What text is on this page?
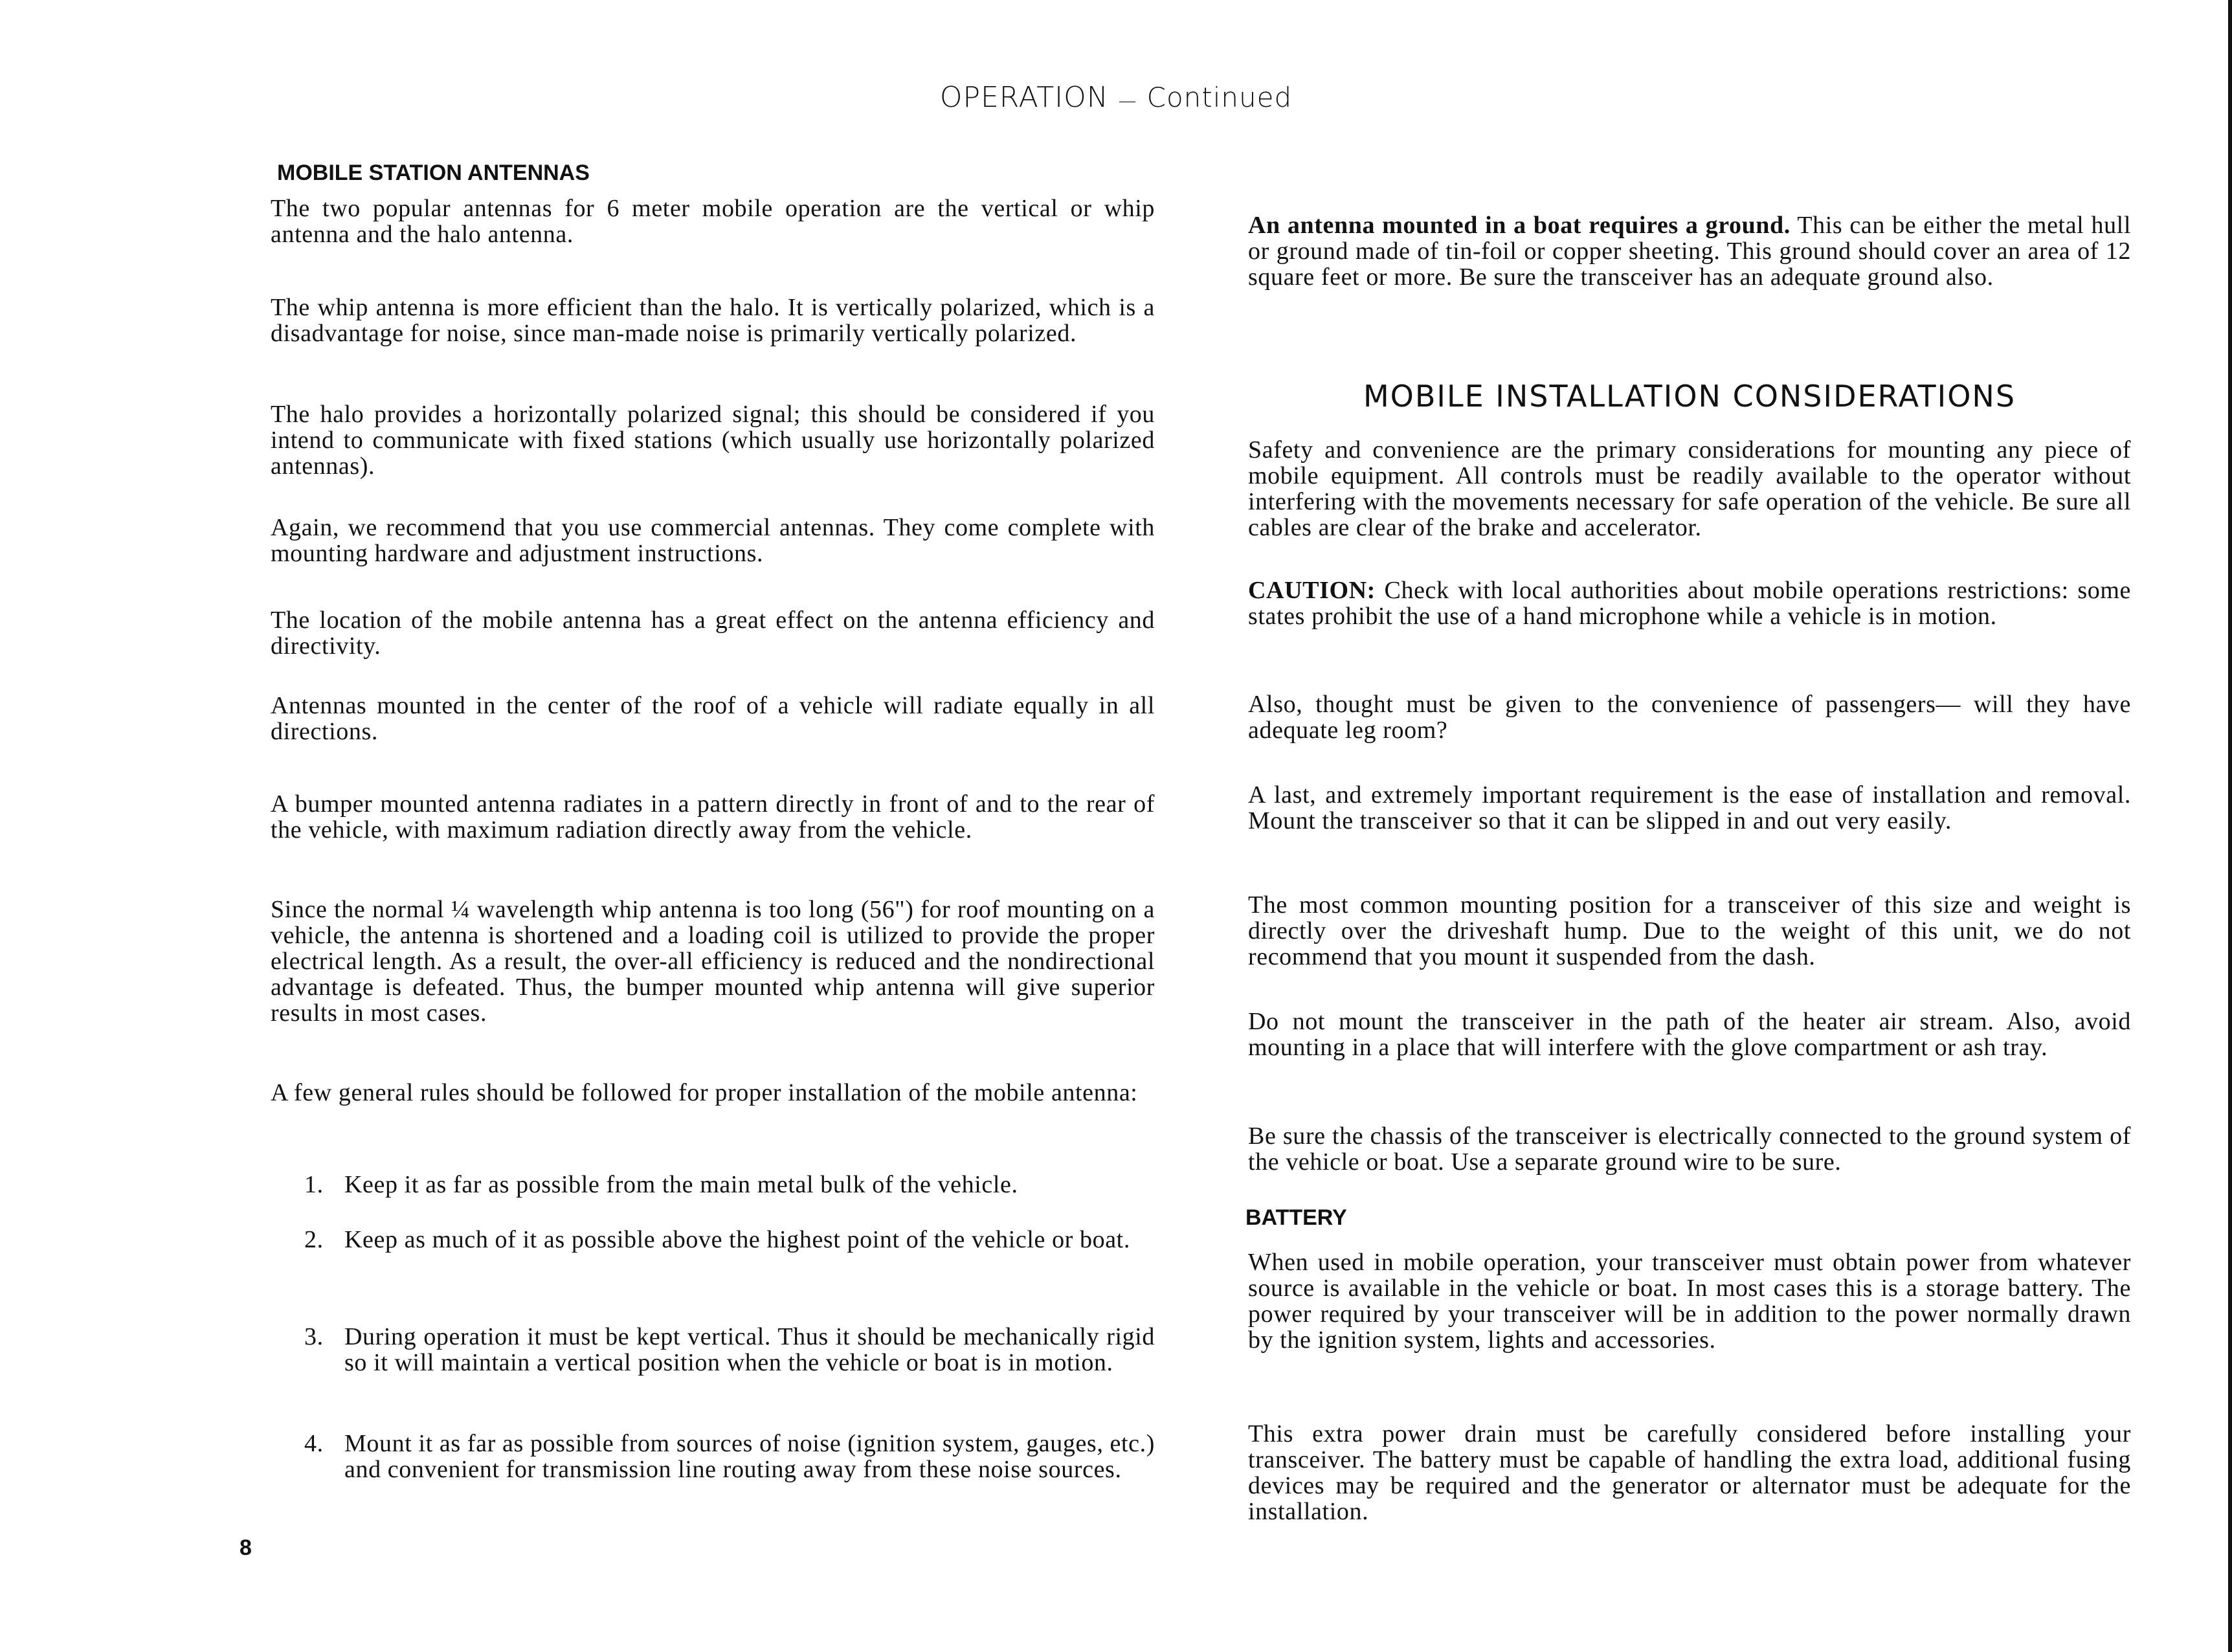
OPERATION — Continued
MOBILE STATION ANTENNAS
The two popular antennas for 6 meter mobile operation are the vertical or whip antenna and the halo antenna.
The whip antenna is more efficient than the halo. It is vertically polarized, which is a disadvantage for noise, since man-made noise is primarily vertically polarized.
The halo provides a horizontally polarized signal; this should be considered if you intend to communicate with fixed stations (which usually use horizontally polarized antennas).
Again, we recommend that you use commercial antennas. They come complete with mounting hardware and adjustment instructions.
The location of the mobile antenna has a great effect on the antenna efficiency and directivity.
Antennas mounted in the center of the roof of a vehicle will radiate equally in all directions.
A bumper mounted antenna radiates in a pattern directly in front of and to the rear of the vehicle, with maximum radiation directly away from the vehicle.
Since the normal ¼ wavelength whip antenna is too long (56") for roof mounting on a vehicle, the antenna is shortened and a loading coil is utilized to provide the proper electrical length. As a result, the over-all efficiency is reduced and the nondirectional advantage is defeated. Thus, the bumper mounted whip antenna will give superior results in most cases.
A few general rules should be followed for proper installation of the mobile antenna:
1. Keep it as far as possible from the main metal bulk of the vehicle.
2. Keep as much of it as possible above the highest point of the vehicle or boat.
3. During operation it must be kept vertical. Thus it should be mechanically rigid so it will maintain a vertical position when the vehicle or boat is in motion.
4. Mount it as far as possible from sources of noise (ignition system, gauges, etc.) and convenient for transmission line routing away from these noise sources.
8
An antenna mounted in a boat requires a ground. This can be either the metal hull or ground made of tin-foil or copper sheeting. This ground should cover an area of 12 square feet or more. Be sure the transceiver has an adequate ground also.
MOBILE INSTALLATION CONSIDERATIONS
Safety and convenience are the primary considerations for mounting any piece of mobile equipment. All controls must be readily available to the operator without interfering with the movements necessary for safe operation of the vehicle. Be sure all cables are clear of the brake and accelerator.
CAUTION: Check with local authorities about mobile operations restrictions: some states prohibit the use of a hand microphone while a vehicle is in motion.
Also, thought must be given to the convenience of passengers— will they have adequate leg room?
A last, and extremely important requirement is the ease of installation and removal. Mount the transceiver so that it can be slipped in and out very easily.
The most common mounting position for a transceiver of this size and weight is directly over the driveshaft hump. Due to the weight of this unit, we do not recommend that you mount it suspended from the dash.
Do not mount the transceiver in the path of the heater air stream. Also, avoid mounting in a place that will interfere with the glove compartment or ash tray.
Be sure the chassis of the transceiver is electrically connected to the ground system of the vehicle or boat. Use a separate ground wire to be sure.
BATTERY
When used in mobile operation, your transceiver must obtain power from whatever source is available in the vehicle or boat. In most cases this is a storage battery. The power required by your transceiver will be in addition to the power normally drawn by the ignition system, lights and accessories.
This extra power drain must be carefully considered before installing your transceiver. The battery must be capable of handling the extra load, additional fusing devices may be required and the generator or alternator must be adequate for the installation.
